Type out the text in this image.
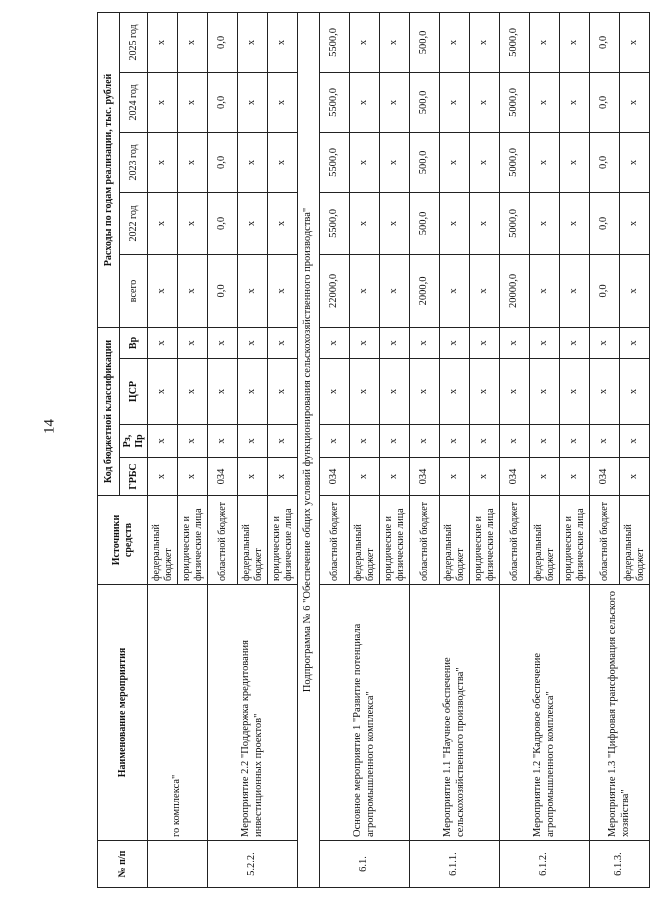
14
№ п/п	Наименование мероприятия	Источники средств	Код бюджетной классификации				Расходы по годам реализации, тыс. рублей				
			ГРБС	Рз, Пр	ЦСР	Вр	всего	2022 год	2023 год	2024 год	2025 год
	го комплекса"	федеральный бюджет	х	х	х	х	х	х	х	х	х
		юридические и физические лица	х	х	х	х	х	х	х	х	х
5.2.2.	Мероприятие 2.2 "Поддержка кредитования инвестиционных проектов"	областной бюджет	034	х	х	х	0,0	0,0	0,0	0,0	0,0
		федеральный бюджет	х	х	х	х	х	х	х	х	х
		юридические и физические лица	х	х	х	х	х	х	х	х	х
Подпрограмма № 6 "Обеспечение общих условий функционирования сельскохозяйственного производства"											
6.1.	Основное мероприятие 1 "Развитие потенциала агропромышленного комплекса"	областной бюджет	034	х	х	х	22000,0	5500,0	5500,0	5500,0	5500,0
		федеральный бюджет	х	х	х	х	х	х	х	х	х
		юридические и физические лица	х	х	х	х	х	х	х	х	х
6.1.1.	Мероприятие 1.1 "Научное обеспечение сельскохозяйственного производства"	областной бюджет	034	х	х	х	2000,0	500,0	500,0	500,0	500,0
		федеральный бюджет	х	х	х	х	х	х	х	х	х
		юридические и физические лица	х	х	х	х	х	х	х	х	х
6.1.2.	Мероприятие 1.2 "Кадровое обеспечение агропромышленного комплекса"	областной бюджет	034	х	х	х	20000,0	5000,0	5000,0	5000,0	5000,0
		федеральный бюджет	х	х	х	х	х	х	х	х	х
		юридические и физические лица	х	х	х	х	х	х	х	х	х
6.1.3.	Мероприятие 1.3 "Цифровая трансформация сельского хозяйства"	областной бюджет	034	х	х	х	0,0	0,0	0,0	0,0	0,0
		федеральный бюджет	х	х	х	х	х	х	х	х	х
